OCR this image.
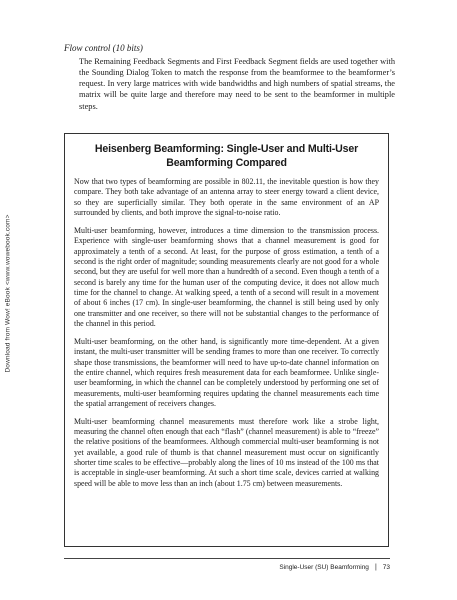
Download from Wow! eBook <www.wowebook.com>

Flow control (10 bits)

The Remaining Feedback Segments and First Feedback Segment fields are used together with the Sounding Dialog Token to match the response from the beamformee to the beamformer’s request. In very large matrices with wide bandwidths and high numbers of spatial streams, the matrix will be quite large and therefore may need to be sent to the beamformer in multiple steps.

Heisenberg Beamforming: Single-User and Multi-User Beamforming Compared

Now that two types of beamforming are possible in 802.11, the inevitable question is how they compare. They both take advantage of an antenna array to steer energy toward a client device, so they are superficially similar. They both operate in the same environment of an AP surrounded by clients, and both improve the signal-to-noise ratio.

Multi-user beamforming, however, introduces a time dimension to the transmission process. Experience with single-user beamforming shows that a channel measurement is good for approximately a tenth of a second. At least, for the purpose of gross estimation, a tenth of a second is the right order of magnitude; sounding measurements clearly are not good for a whole second, but they are useful for well more than a hundredth of a second. Even though a tenth of a second is barely any time for the human user of the computing device, it does not allow much time for the channel to change. At walking speed, a tenth of a second will result in a movement of about 6 inches (17 cm). In single-user beamforming, the channel is still being used by only one transmitter and one receiver, so there will not be substantial changes to the performance of the channel in this period.

Multi-user beamforming, on the other hand, is significantly more time-dependent. At a given instant, the multi-user transmitter will be sending frames to more than one receiver. To correctly shape those transmissions, the beamformer will need to have up-to-date channel information on the entire channel, which requires fresh measurement data for each beamformee. Unlike single-user beamforming, in which the channel can be completely understood by performing one set of measurements, multi-user beamforming requires updating the channel measurements each time the spatial arrangement of receivers changes.

Multi-user beamforming channel measurements must therefore work like a strobe light, measuring the channel often enough that each “flash” (channel measurement) is able to “freeze” the relative positions of the beamformees. Although commercial multi-user beamforming is not yet available, a good rule of thumb is that channel measurement must occur on significantly shorter time scales to be effective—probably along the lines of 10 ms instead of the 100 ms that is acceptable in single-user beamforming. At such a short time scale, devices carried at walking speed will be able to move less than an inch (about 1.75 cm) between measurements.

Single-User (SU) Beamforming | 73
